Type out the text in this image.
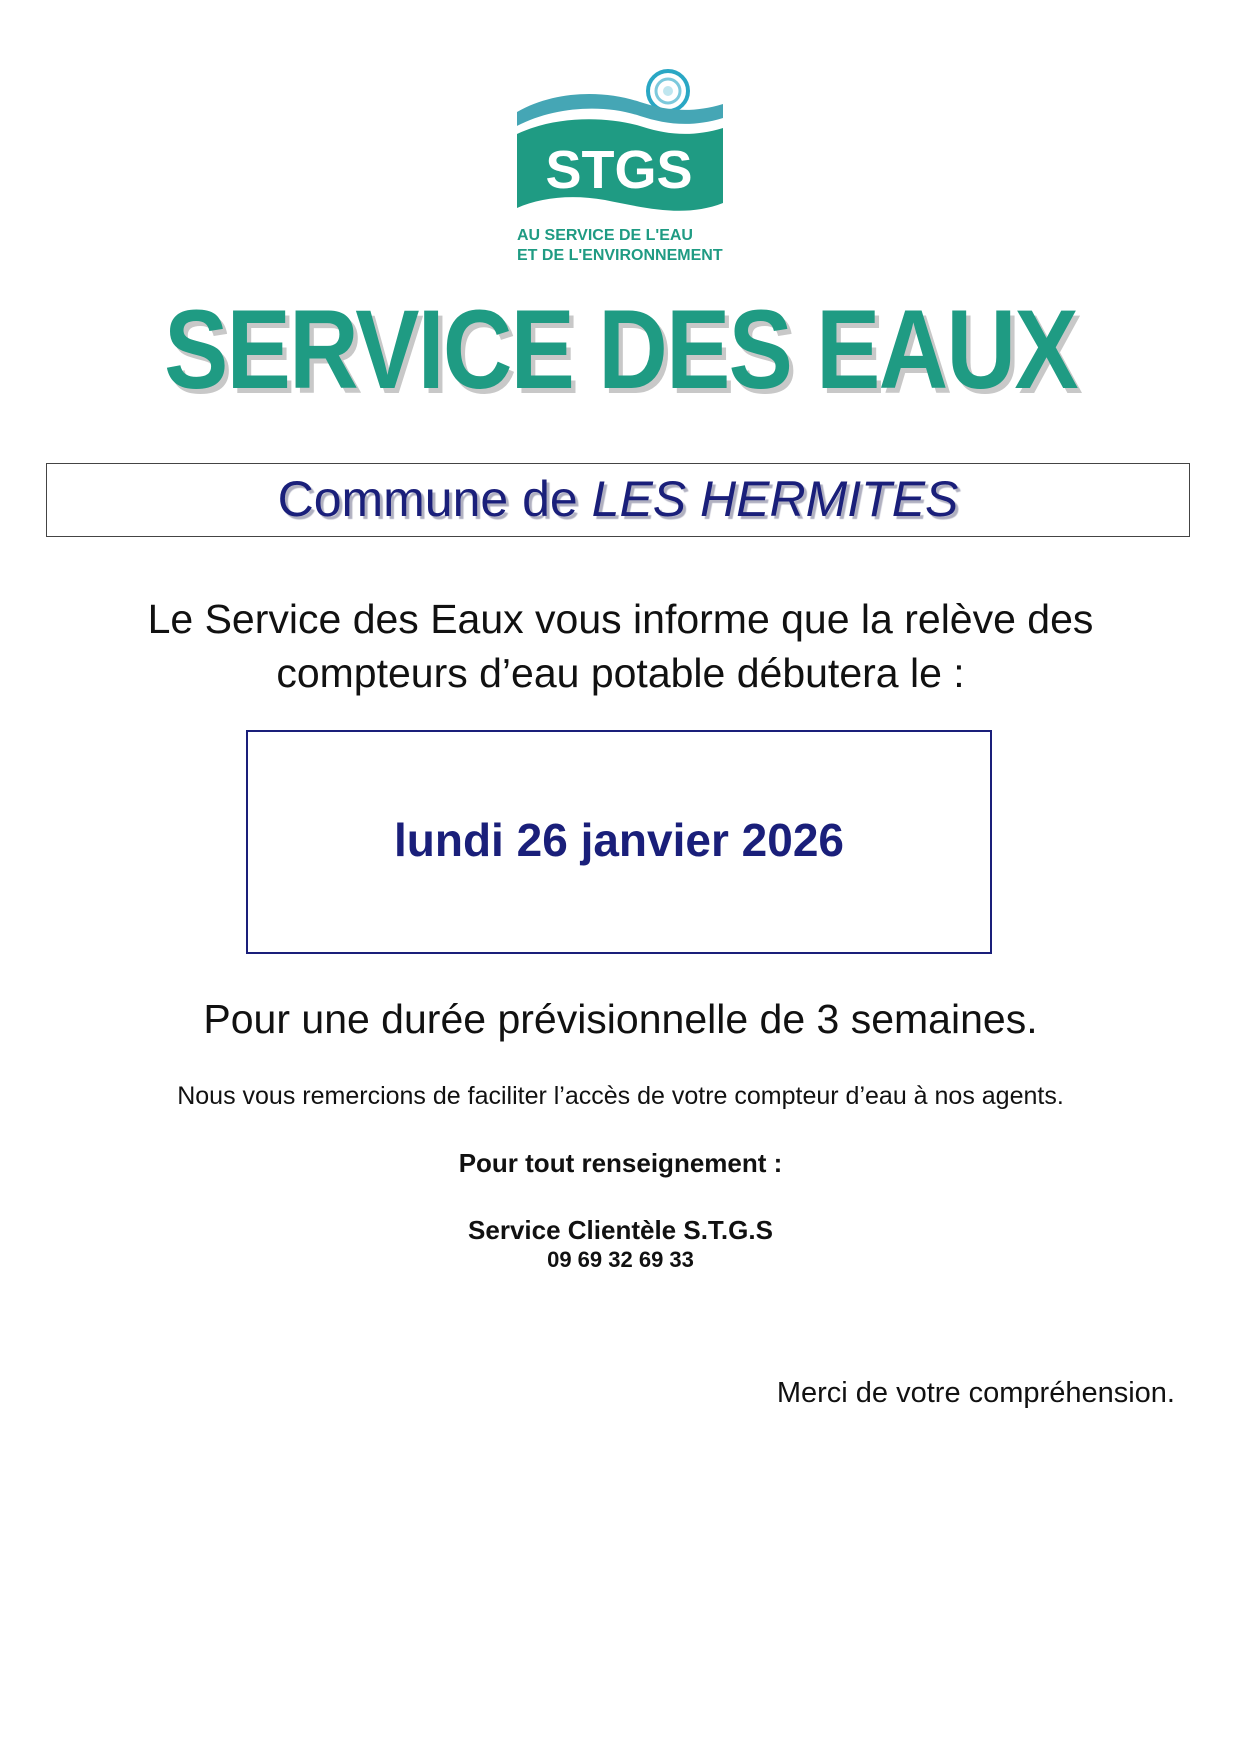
AU SERVICE DE L'EAU
ET DE L'ENVIRONNEMENT
STGS
SERVICE DES EAUX
Commune de LES HERMITES
Le Service des Eaux vous informe que la relève des
compteurs d’eau potable débutera le :
lundi 26 janvier 2026
Pour une durée prévisionnelle de 3 semaines.
Nous vous remercions de faciliter l’accès de votre compteur d’eau à nos agents.
Pour tout renseignement :
Service Clientèle S.T.G.S
09 69 32 69 33
Merci de votre compréhension.
